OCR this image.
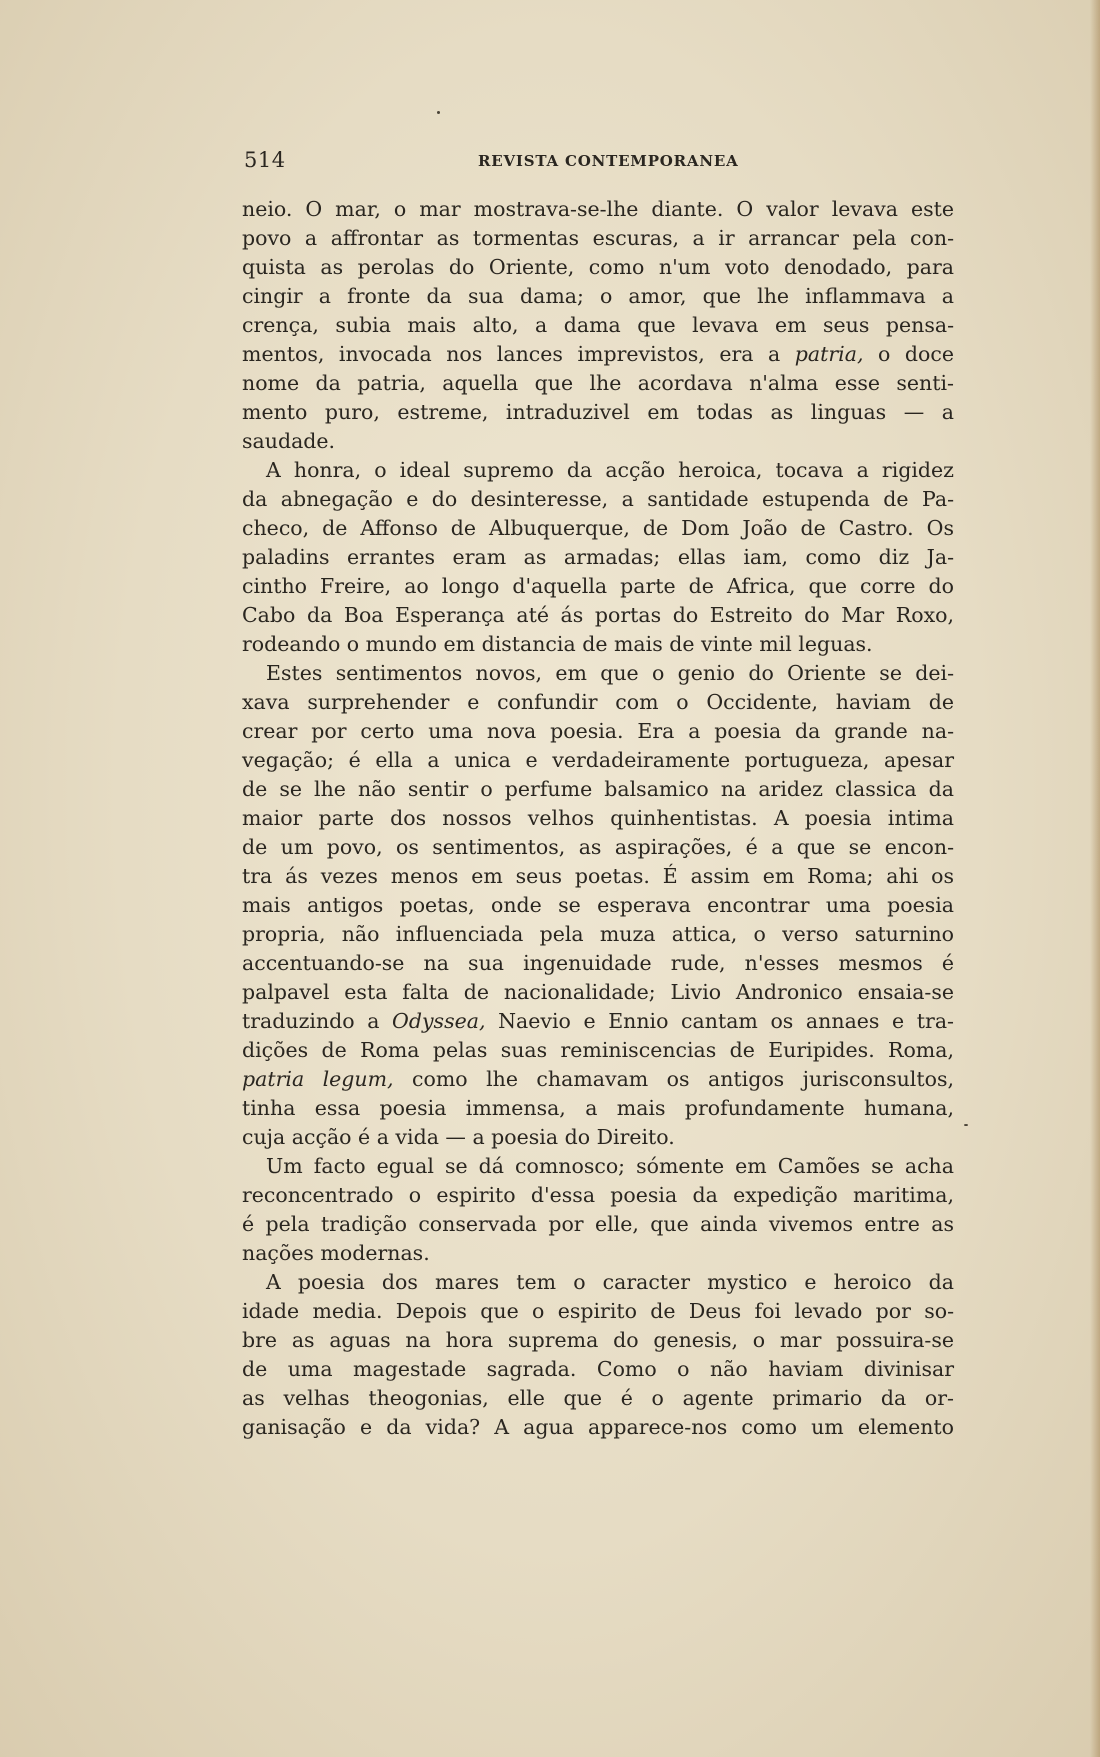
514	REVISTA CONTEMPORANEA
neio. O mar, o mar mostrava-se-lhe diante. O valor levava este
povo a affrontar as tormentas escuras, a ir arrancar pela con-
quista as perolas do Oriente, como n'um voto denodado, para
cingir a fronte da sua dama; o amor, que lhe inflammava a
crença, subia mais alto, a dama que levava em seus pensa-
mentos, invocada nos lances imprevistos, era a patria, o doce
nome da patria, aquella que lhe acordava n'alma esse senti-
mento puro, estreme, intraduzivel em todas as linguas — a
saudade.
A honra, o ideal supremo da acção heroica, tocava a rigidez
da abnegação e do desinteresse, a santidade estupenda de Pa-
checo, de Affonso de Albuquerque, de Dom João de Castro. Os
paladins errantes eram as armadas; ellas iam, como diz Ja-
cintho Freire, ao longo d'aquella parte de Africa, que corre do
Cabo da Boa Esperança até ás portas do Estreito do Mar Roxo,
rodeando o mundo em distancia de mais de vinte mil leguas.
Estes sentimentos novos, em que o genio do Oriente se dei-
xava surprehender e confundir com o Occidente, haviam de
crear por certo uma nova poesia. Era a poesia da grande na-
vegação; é ella a unica e verdadeiramente portugueza, apesar
de se lhe não sentir o perfume balsamico na aridez classica da
maior parte dos nossos velhos quinhentistas. A poesia intima
de um povo, os sentimentos, as aspirações, é a que se encon-
tra ás vezes menos em seus poetas. É assim em Roma; ahi os
mais antigos poetas, onde se esperava encontrar uma poesia
propria, não influenciada pela muza attica, o verso saturnino
accentuando-se na sua ingenuidade rude, n'esses mesmos é
palpavel esta falta de nacionalidade; Livio Andronico ensaia-se
traduzindo a Odyssea, Naevio e Ennio cantam os annaes e tra-
dições de Roma pelas suas reminiscencias de Euripides. Roma,
patria legum, como lhe chamavam os antigos jurisconsultos,
tinha essa poesia immensa, a mais profundamente humana,
cuja acção é a vida — a poesia do Direito.
Um facto egual se dá comnosco; sómente em Camões se acha
reconcentrado o espirito d'essa poesia da expedição maritima,
é pela tradição conservada por elle, que ainda vivemos entre as
nações modernas.
A poesia dos mares tem o caracter mystico e heroico da
idade media. Depois que o espirito de Deus foi levado por so-
bre as aguas na hora suprema do genesis, o mar possuira-se
de uma magestade sagrada. Como o não haviam divinisar
as velhas theogonias, elle que é o agente primario da or-
ganisação e da vida? A agua apparece-nos como um elemento
